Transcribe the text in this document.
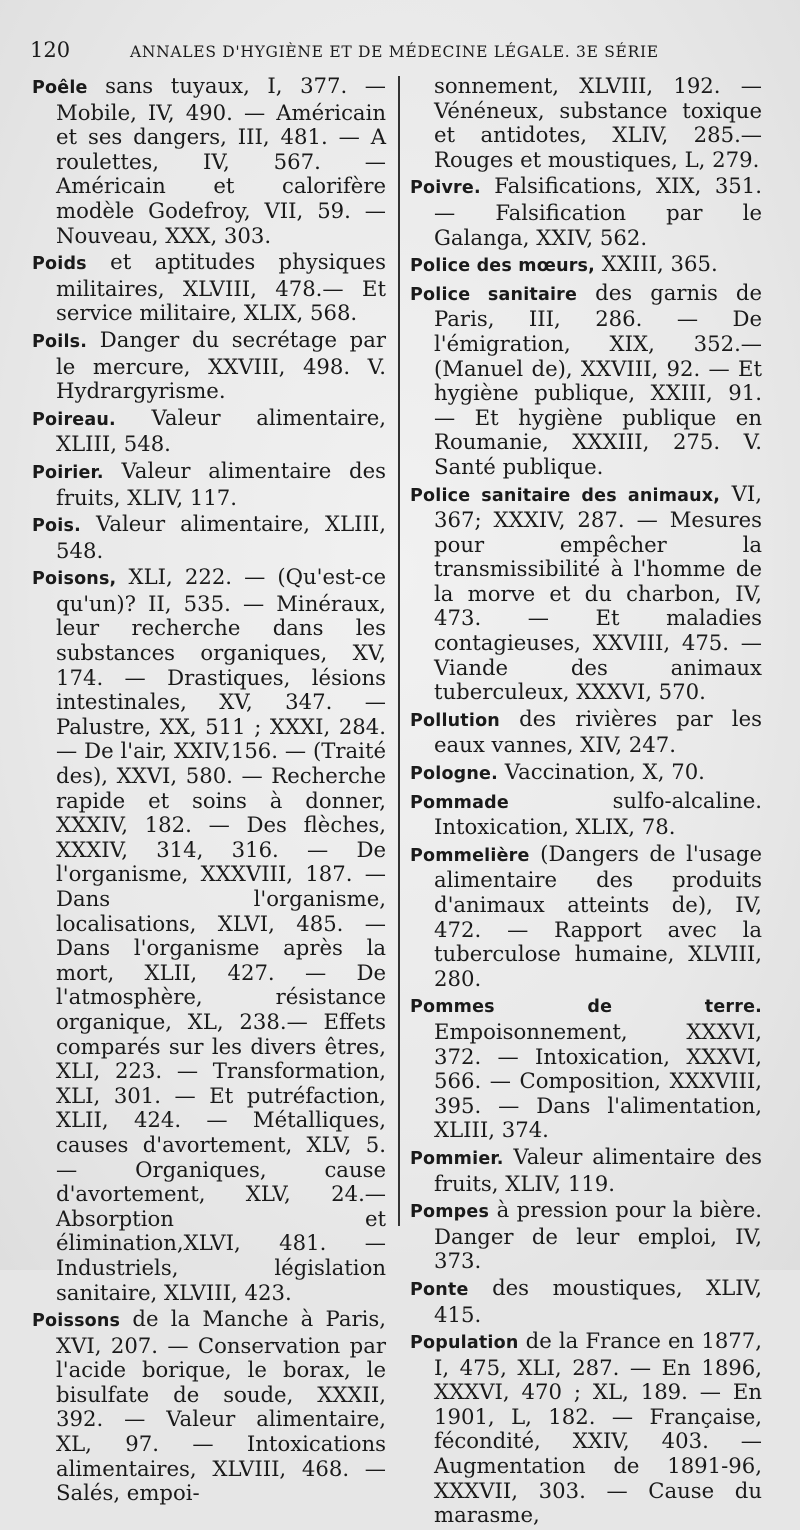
120	ANNALES D'HYGIÈNE ET DE MÉDECINE LÉGALE. 3E SÉRIE

Poêle sans tuyaux, I, 377. — Mobile, IV, 490. — Américain et ses dangers, III, 481. — A roulettes, IV, 567. — Américain et calorifère modèle Godefroy, VII, 59. — Nouveau, XXX, 303.

Poids et aptitudes physiques militaires, XLVIII, 478.— Et service militaire, XLIX, 568.

Poils. Danger du secrétage par le mercure, XXVIII, 498. V. Hydrargyrisme.

Poireau. Valeur alimentaire, XLIII, 548.

Poirier. Valeur alimentaire des fruits, XLIV, 117.

Pois. Valeur alimentaire, XLIII, 548.

Poisons, XLI, 222. — (Qu'est-ce qu'un)? II, 535. — Minéraux, leur recherche dans les substances organiques, XV, 174. — Drastiques, lésions intestinales, XV, 347. — Palustre, XX, 511 ; XXXI, 284.— De l'air, XXIV,156. — (Traité des), XXVI, 580. — Recherche rapide et soins à donner, XXXIV, 182. — Des flèches, XXXIV, 314, 316. — De l'organisme, XXXVIII, 187. — Dans l'organisme, localisations, XLVI, 485. — Dans l'organisme après la mort, XLII, 427. — De l'atmosphère, résistance organique, XL, 238.— Effets comparés sur les divers êtres, XLI, 223. — Transformation, XLI, 301. — Et putréfaction, XLII, 424. — Métalliques, causes d'avortement, XLV, 5. — Organiques, cause d'avortement, XLV, 24.— Absorption et élimination,XLVI, 481. — Industriels, législation sanitaire, XLVIII, 423.

Poissons de la Manche à Paris, XVI, 207. — Conservation par l'acide borique, le borax, le bisulfate de soude, XXXII, 392. — Valeur alimentaire, XL, 97. — Intoxications alimentaires, XLVIII, 468. — Salés, empoi-

sonnement, XLVIII, 192. — Vénéneux, substance toxique et antidotes, XLIV, 285.— Rouges et moustiques, L, 279.

Poivre. Falsifications, XIX, 351. — Falsification par le Galanga, XXIV, 562.

Police des mœurs, XXIII, 365.

Police sanitaire des garnis de Paris, III, 286. — De l'émigration, XIX, 352.—(Manuel de), XXVIII, 92. — Et hygiène publique, XXIII, 91. — Et hygiène publique en Roumanie, XXXIII, 275. V. Santé publique.

Police sanitaire des animaux, VI, 367; XXXIV, 287. — Mesures pour empêcher la transmissibilité à l'homme de la morve et du charbon, IV, 473. — Et maladies contagieuses, XXVIII, 475. — Viande des animaux tuberculeux, XXXVI, 570.

Pollution des rivières par les eaux vannes, XIV, 247.

Pologne. Vaccination, X, 70.

Pommade sulfo-alcaline. Intoxication, XLIX, 78.

Pommelière (Dangers de l'usage alimentaire des produits d'animaux atteints de), IV, 472. — Rapport avec la tuberculose humaine, XLVIII, 280.

Pommes de terre. Empoisonnement, XXXVI, 372. — Intoxication, XXXVI, 566. — Composition, XXXVIII, 395. — Dans l'alimentation, XLIII, 374.

Pommier. Valeur alimentaire des fruits, XLIV, 119.

Pompes à pression pour la bière. Danger de leur emploi, IV, 373.

Ponte des moustiques, XLIV, 415.

Population de la France en 1877, I, 475, XLI, 287. — En 1896, XXXVI, 470 ; XL, 189. — En 1901, L, 182. — Française, fécondité, XXIV, 403. — Augmentation de 1891-96, XXXVII, 303. — Cause du marasme,
